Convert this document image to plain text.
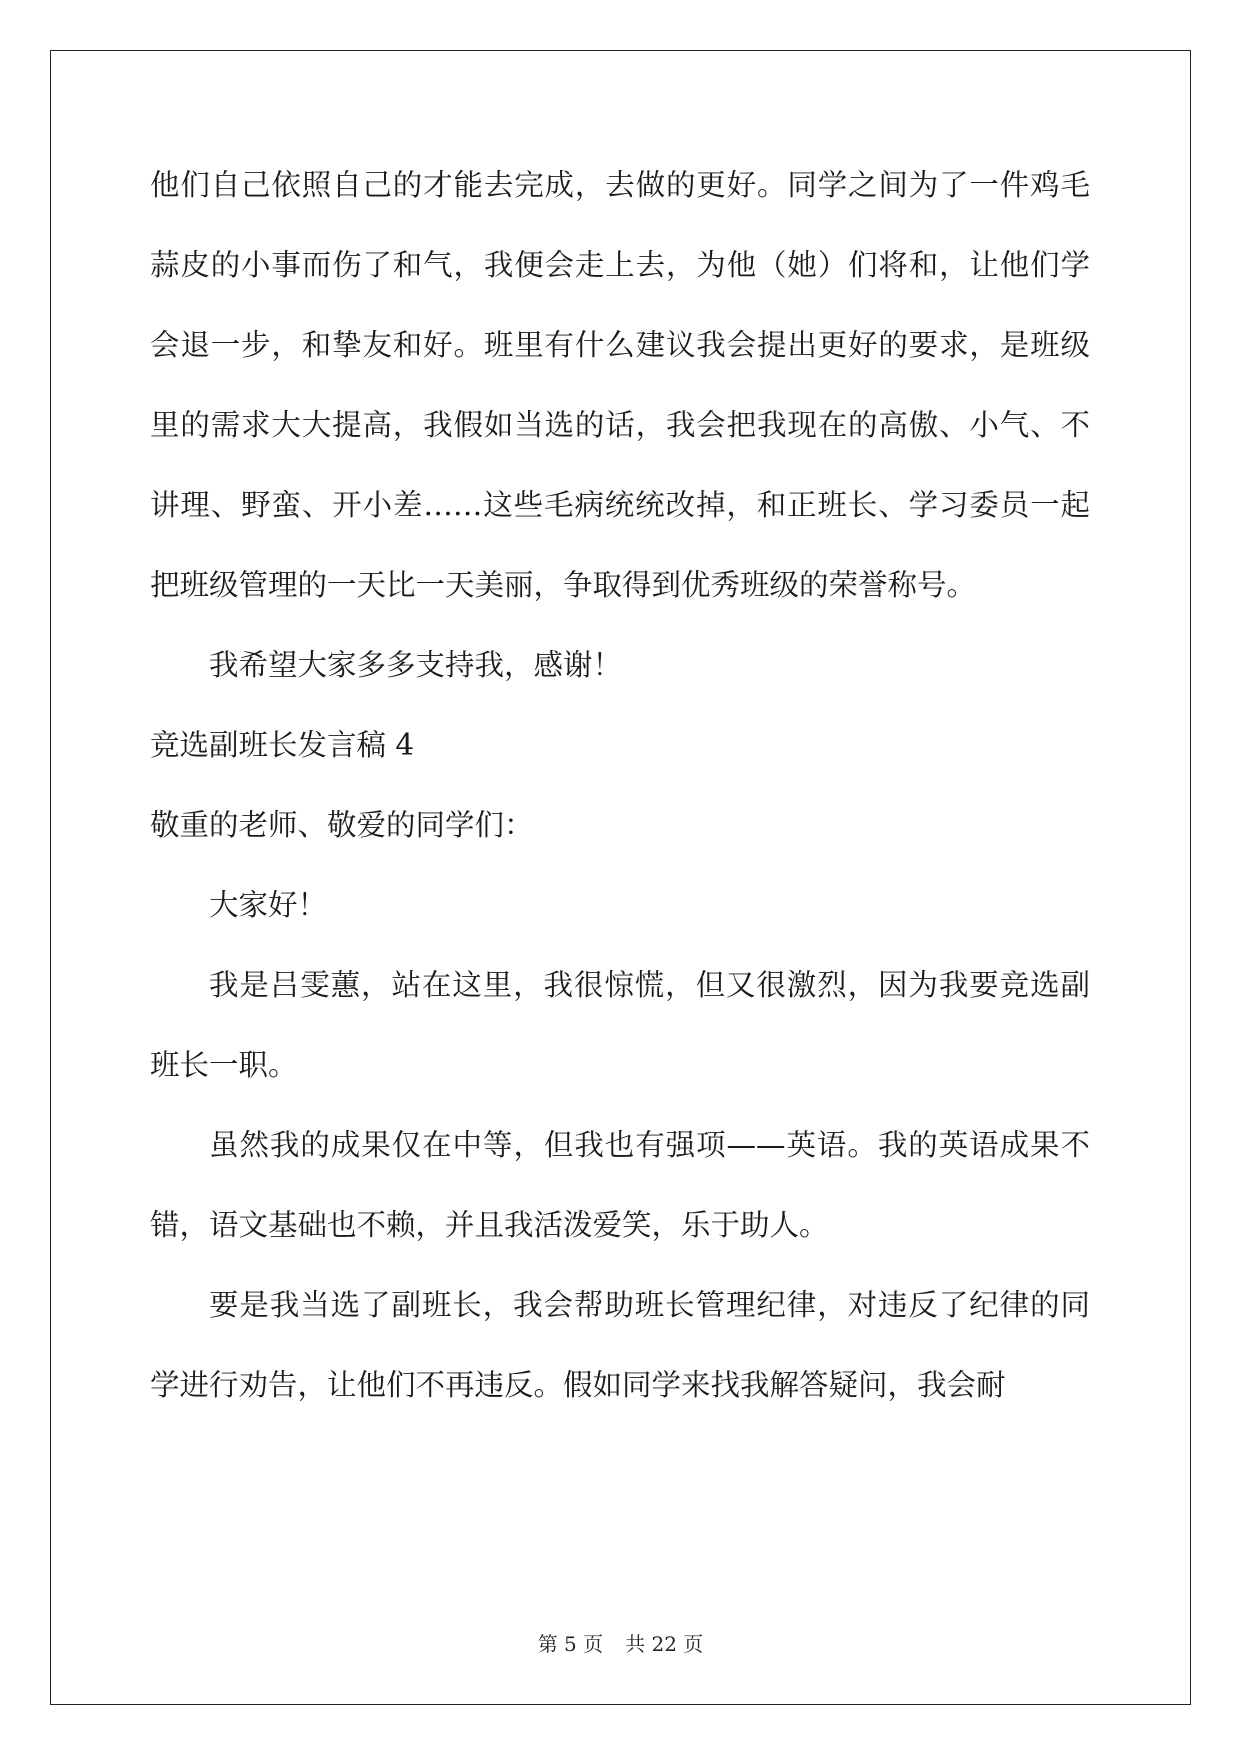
他们自己依照自己的才能去完成，去做的更好。同学之间为了一件鸡毛蒜皮的小事而伤了和气，我便会走上去，为他（她）们将和，让他们学会退一步，和挚友和好。班里有什么建议我会提出更好的要求，是班级里的需求大大提高，我假如当选的话，我会把我现在的高傲、小气、不讲理、野蛮、开小差……这些毛病统统改掉，和正班长、学习委员一起把班级管理的一天比一天美丽，争取得到优秀班级的荣誉称号。

我希望大家多多支持我，感谢！

竞选副班长发言稿 4

敬重的老师、敬爱的同学们：

大家好！

我是吕雯蕙，站在这里，我很惊慌，但又很激烈，因为我要竞选副班长一职。

虽然我的成果仅在中等，但我也有强项——英语。我的英语成果不错，语文基础也不赖，并且我活泼爱笑，乐于助人。

要是我当选了副班长，我会帮助班长管理纪律，对违反了纪律的同学进行劝告，让他们不再违反。假如同学来找我解答疑问，我会耐

第 5 页 共 22 页
